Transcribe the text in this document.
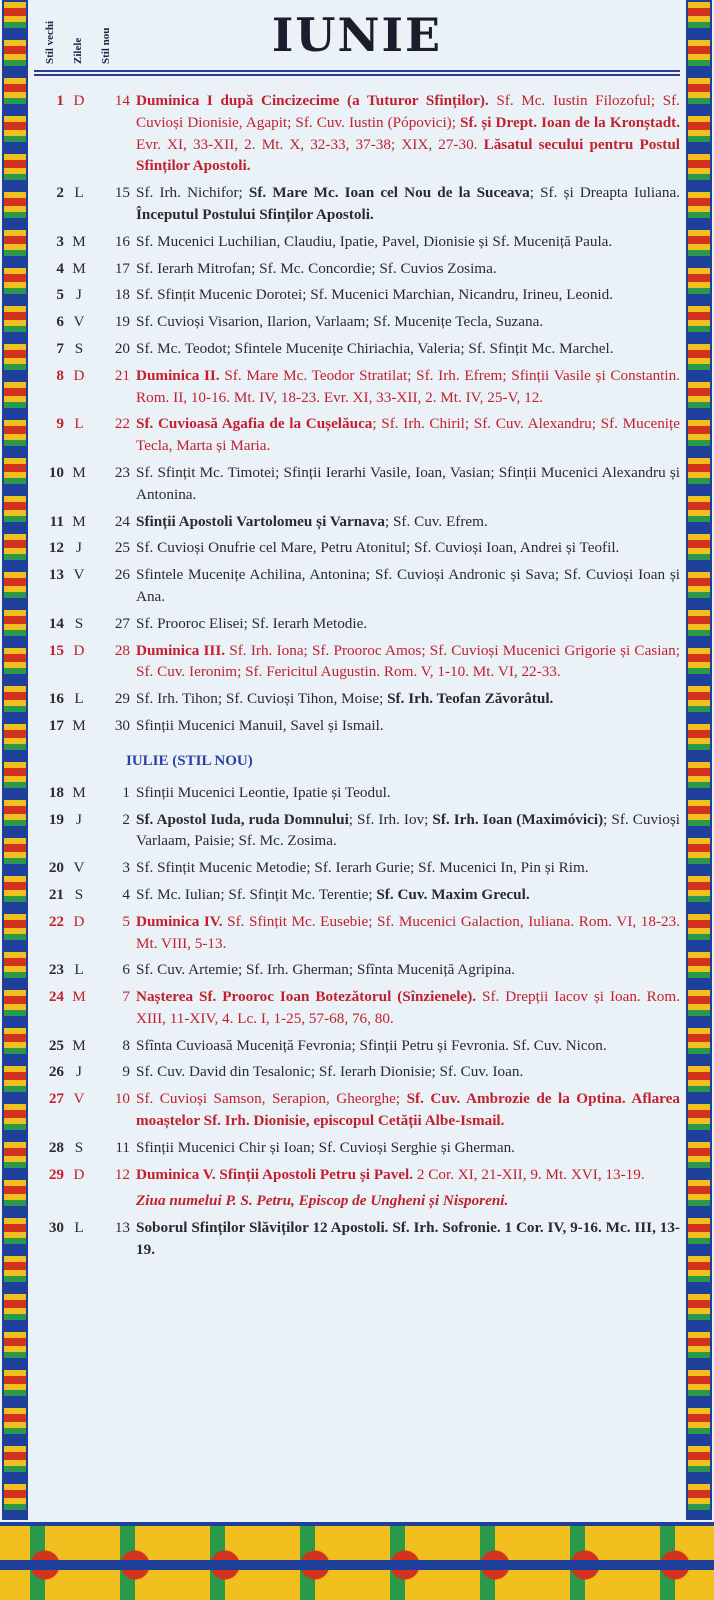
Stil vechi Zilele Stil nou	IUNIE
1 D	14 Duminica I după Cincizecime (a Tuturor Sfinților). Sf. Mc. Iustin Filozoful; Sf. Cuvioși Dionisie, Agapit; Sf. Cuv. Iustin (Pópovici); Sf. și Drept. Ioan de la Kronștadt. Evr. XI, 33-XII, 2. Mt. X, 32-33, 37-38; XIX, 27-30. Lăsatul secului pentru Postul Sfinților Apostoli.
2 L	15 Sf. Irh. Nichifor; Sf. Mare Mc. Ioan cel Nou de la Suceava; Sf. și Dreapta Iuliana. Începutul Postului Sfinților Apostoli.
3 M	16 Sf. Mucenici Luchilian, Claudiu, Ipatie, Pavel, Dionisie și Sf. Muceniță Paula.
4 M	17 Sf. Ierarh Mitrofan; Sf. Mc. Concordie; Sf. Cuvios Zosima.
5 J	18 Sf. Sfințit Mucenic Dorotei; Sf. Mucenici Marchian, Nicandru, Irineu, Leonid.
6 V	19 Sf. Cuvioși Visarion, Ilarion, Varlaam; Sf. Mucenițe Tecla, Suzana.
7 S	20 Sf. Mc. Teodot; Sfintele Mucenițe Chiriachia, Valeria; Sf. Sfințit Mc. Marchel.
8 D	21 Duminica II. Sf. Mare Mc. Teodor Stratilat; Sf. Irh. Efrem; Sfinții Vasile și Constantin. Rom. II, 10-16. Mt. IV, 18-23. Evr. XI, 33-XII, 2. Mt. IV, 25-V, 12.
9 L	22 Sf. Cuvioasă Agafia de la Cușelăuca; Sf. Irh. Chiril; Sf. Cuv. Alexandru; Sf. Mucenițe Tecla, Marta și Maria.
10 M	23 Sf. Sfințit Mc. Timotei; Sfinții Ierarhi Vasile, Ioan, Vasian; Sfinții Mucenici Alexandru și Antonina.
11 M	24 Sfinții Apostoli Vartolomeu și Varnava; Sf. Cuv. Efrem.
12 J	25 Sf. Cuvioși Onufrie cel Mare, Petru Atonitul; Sf. Cuvioși Ioan, Andrei și Teofil.
13 V	26 Sfintele Mucenițe Achilina, Antonina; Sf. Cuvioși Andronic și Sava; Sf. Cuvioși Ioan și Ana.
14 S	27 Sf. Prooroc Elisei; Sf. Ierarh Metodie.
15 D	28 Duminica III. Sf. Irh. Iona; Sf. Prooroc Amos; Sf. Cuvioși Mucenici Grigorie și Casian; Sf. Cuv. Ieronim; Sf. Fericitul Augustin. Rom. V, 1-10. Mt. VI, 22-33.
16 L	29 Sf. Irh. Tihon; Sf. Cuvioși Tihon, Moise; Sf. Irh. Teofan Zăvorâtul.
17 M	30 Sfinții Mucenici Manuil, Savel și Ismail.
IULIE (STIL NOU)
18 M	1 Sfinții Mucenici Leontie, Ipatie și Teodul.
19 J	2 Sf. Apostol Iuda, ruda Domnului; Sf. Irh. Iov; Sf. Irh. Ioan (Maximóvici); Sf. Cuvioși Varlaam, Paisie; Sf. Mc. Zosima.
20 V	3 Sf. Sfințit Mucenic Metodie; Sf. Ierarh Gurie; Sf. Mucenici In, Pin și Rim.
21 S	4 Sf. Mc. Iulian; Sf. Sfințit Mc. Terentie; Sf. Cuv. Maxim Grecul.
22 D	5 Duminica IV. Sf. Sfințit Mc. Eusebie; Sf. Mucenici Galaction, Iuliana. Rom. VI, 18-23. Mt. VIII, 5-13.
23 L	6 Sf. Cuv. Artemie; Sf. Irh. Gherman; Sfînta Muceniță Agripina.
24 M	7 Nașterea Sf. Prooroc Ioan Botezătorul (Sînzienele). Sf. Drepții Iacov și Ioan. Rom. XIII, 11-XIV, 4. Lc. I, 1-25, 57-68, 76, 80.
25 M	8 Sfînta Cuvioasă Muceniță Fevronia; Sfinții Petru și Fevronia. Sf. Cuv. Nicon.
26 J	9 Sf. Cuv. David din Tesalonic; Sf. Ierarh Dionisie; Sf. Cuv. Ioan.
27 V	10 Sf. Cuvioși Samson, Serapion, Gheorghe; Sf. Cuv. Ambrozie de la Optina. Aflarea moaștelor Sf. Irh. Dionisie, episcopul Cetății Albe-Ismail.
28 S	11 Sfinții Mucenici Chir și Ioan; Sf. Cuvioși Serghie și Gherman.
29 D	12 Duminica V. Sfinții Apostoli Petru și Pavel. 2 Cor. XI, 21-XII, 9. Mt. XVI, 13-19.
Ziua numelui P. S. Petru, Episcop de Ungheni și Nisporeni.
30 L	13 Soborul Sfinților Slăviților 12 Apostoli. Sf. Irh. Sofronie. 1 Cor. IV, 9-16. Mc. III, 13-19.
